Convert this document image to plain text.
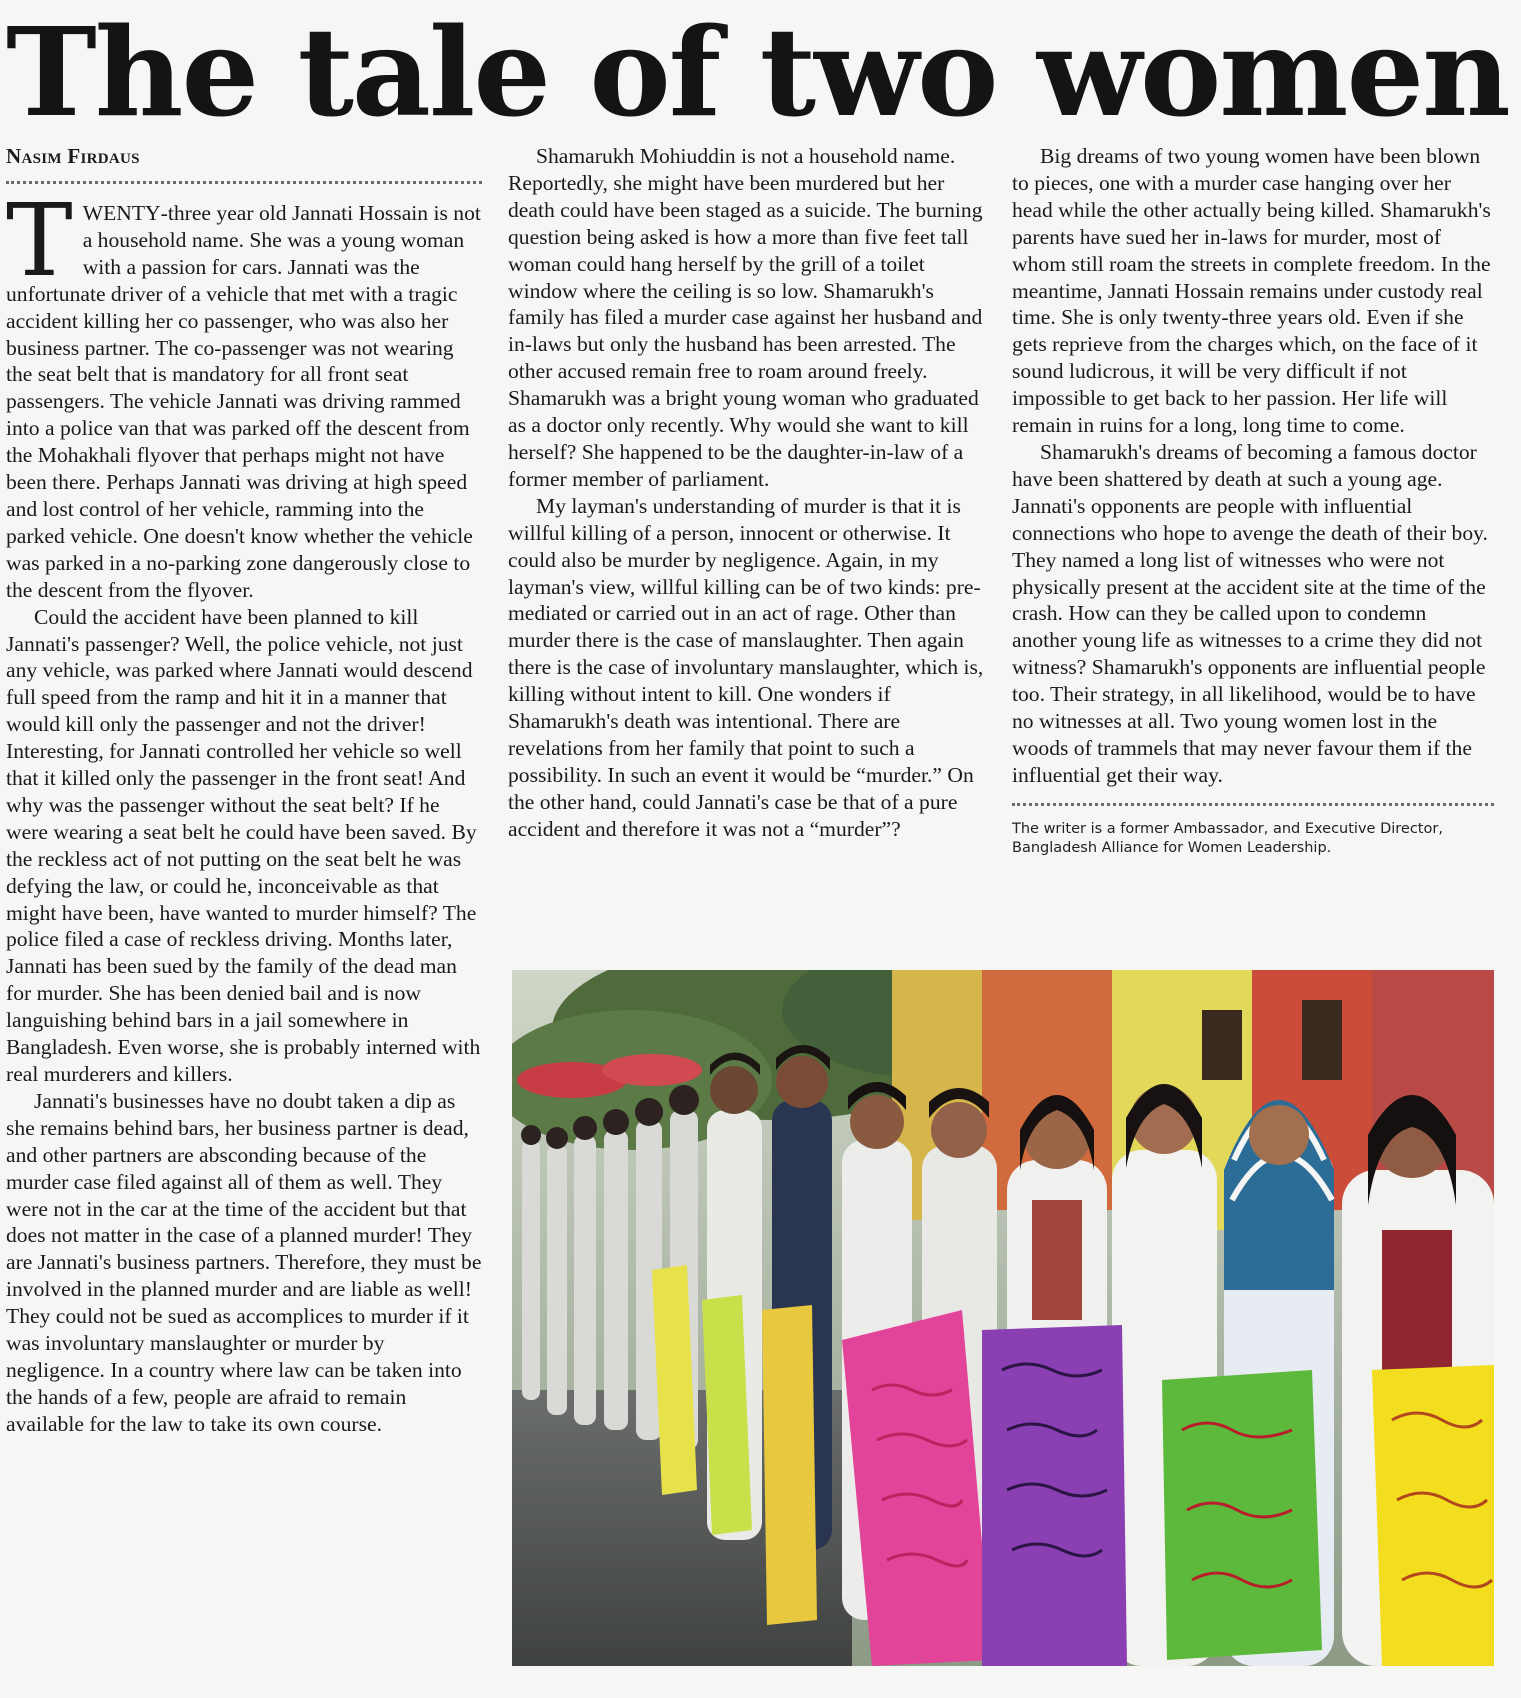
The tale of two women
Nasim Firdaus

TWENTY-three year old Jannati Hossain is not a household name. She was a young woman with a passion for cars. Jannati was the unfortunate driver of a vehicle that met with a tragic accident killing her co passenger, who was also her business partner. The co-passenger was not wearing the seat belt that is mandatory for all front seat passengers. The vehicle Jannati was driving rammed into a police van that was parked off the descent from the Mohakhali flyover that perhaps might not have been there. Perhaps Jannati was driving at high speed and lost control of her vehicle, ramming into the parked vehicle. One doesn't know whether the vehicle was parked in a no-parking zone dangerously close to the descent from the flyover.

Could the accident have been planned to kill Jannati's passenger? Well, the police vehicle, not just any vehicle, was parked where Jannati would descend full speed from the ramp and hit it in a manner that would kill only the passenger and not the driver! Interesting, for Jannati controlled her vehicle so well that it killed only the passenger in the front seat! And why was the passenger without the seat belt? If he were wearing a seat belt he could have been saved. By the reckless act of not putting on the seat belt he was defying the law, or could he, inconceivable as that might have been, have wanted to murder himself? The police filed a case of reckless driving. Months later, Jannati has been sued by the family of the dead man for murder. She has been denied bail and is now languishing behind bars in a jail somewhere in Bangladesh. Even worse, she is probably interned with real murderers and killers.

Jannati's businesses have no doubt taken a dip as she remains behind bars, her business partner is dead, and other partners are absconding because of the murder case filed against all of them as well. They were not in the car at the time of the accident but that does not matter in the case of a planned murder! They are Jannati's business partners. Therefore, they must be involved in the planned murder and are liable as well! They could not be sued as accomplices to murder if it was involuntary manslaughter or murder by negligence. In a country where law can be taken into the hands of a few, people are afraid to remain available for the law to take its own course.

Shamarukh Mohiuddin is not a household name. Reportedly, she might have been murdered but her death could have been staged as a suicide. The burning question being asked is how a more than five feet tall woman could hang herself by the grill of a toilet window where the ceiling is so low. Shamarukh's family has filed a murder case against her husband and in-laws but only the husband has been arrested. The other accused remain free to roam around freely. Shamarukh was a bright young woman who graduated as a doctor only recently. Why would she want to kill herself? She happened to be the daughter-in-law of a former member of parliament.

My layman's understanding of murder is that it is willful killing of a person, innocent or otherwise. It could also be murder by negligence. Again, in my layman's view, willful killing can be of two kinds: pre-mediated or carried out in an act of rage. Other than murder there is the case of manslaughter. Then again there is the case of involuntary manslaughter, which is, killing without intent to kill. One wonders if Shamarukh's death was intentional. There are revelations from her family that point to such a possibility. In such an event it would be “murder.” On the other hand, could Jannati's case be that of a pure accident and therefore it was not a “murder”?

Big dreams of two young women have been blown to pieces, one with a murder case hanging over her head while the other actually being killed. Shamarukh's parents have sued her in-laws for murder, most of whom still roam the streets in complete freedom. In the meantime, Jannati Hossain remains under custody real time. She is only twenty-three years old. Even if she gets reprieve from the charges which, on the face of it sound ludicrous, it will be very difficult if not impossible to get back to her passion. Her life will remain in ruins for a long, long time to come.

Shamarukh's dreams of becoming a famous doctor have been shattered by death at such a young age. Jannati's opponents are people with influential connections who hope to avenge the death of their boy. They named a long list of witnesses who were not physically present at the accident site at the time of the crash. How can they be called upon to condemn another young life as witnesses to a crime they did not witness? Shamarukh's opponents are influential people too. Their strategy, in all likelihood, would be to have no witnesses at all. Two young women lost in the woods of trammels that may never favour them if the influential get their way.

The writer is a former Ambassador, and Executive Director, Bangladesh Alliance for Women Leadership.
